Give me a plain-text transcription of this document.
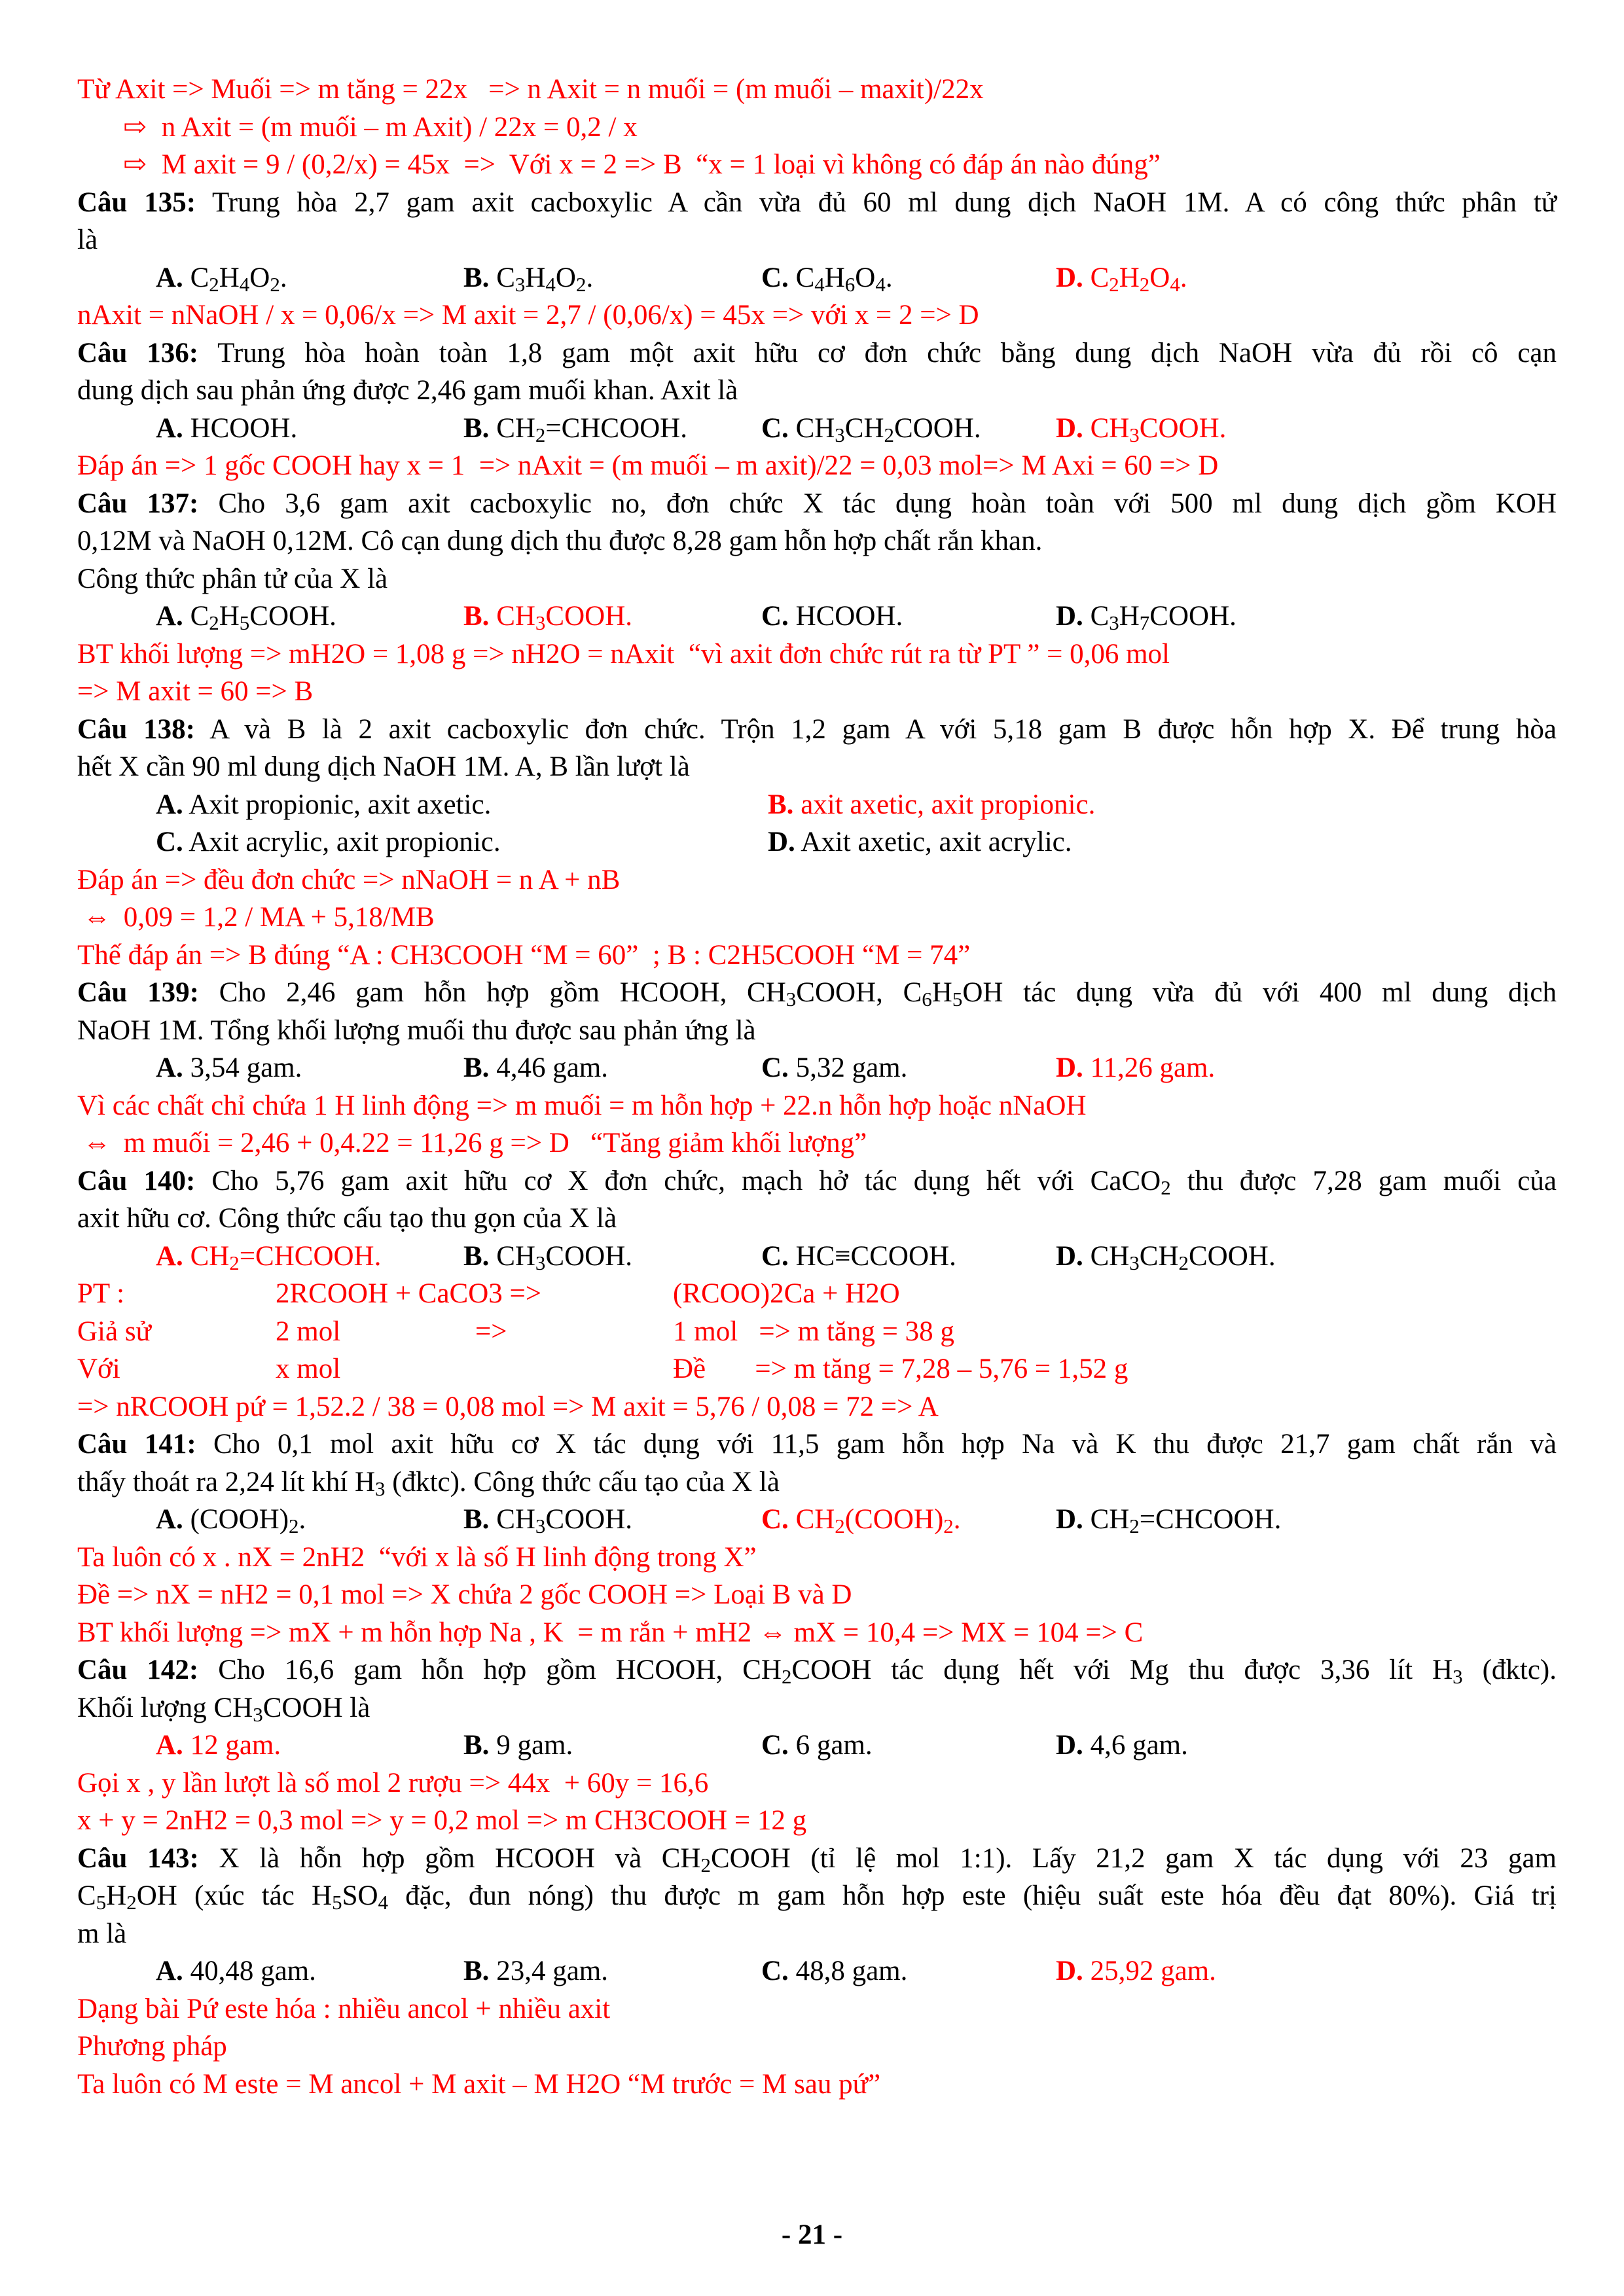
Từ Axit => Muối => m tăng = 22x   => n Axit = n muối = (m muối – maxit)/22x
⇨ n Axit = (m muối – m Axit) / 22x = 0,2 / x
⇨ M axit = 9 / (0,2/x) = 45x  =>  Với x = 2 => B  “x = 1 loại vì không có đáp án nào đúng”
Câu 135: Trung hòa 2,7 gam axit cacboxylic A cần vừa đủ 60 ml dung dịch NaOH 1M. A có công thức phân tử
là
A. $C_2H_4O_2$.	B. $C_3H_4O_2$.	C. $C_4H_6O_4$.	D. $C_2H_2O_4$.
nAxit = nNaOH / x = 0,06/x => M axit = 2,7 / (0,06/x) = 45x => với x = 2 => D
Câu 136: Trung hòa hoàn toàn 1,8 gam một axit hữu cơ đơn chức bằng dung dịch NaOH vừa đủ rồi cô cạn
dung dịch sau phản ứng được 2,46 gam muối khan. Axit là
A. HCOOH.	B. $CH_2=CHCOOH$.	C. $CH_3CH_2COOH$.	D. $CH_3COOH$.
Đáp án => 1 gốc COOH hay x = 1  => nAxit = (m muối – m axit)/22 = 0,03 mol=> M Axi = 60 => D
Câu 137: Cho 3,6 gam axit cacboxylic no, đơn chức X tác dụng hoàn toàn với 500 ml dung dịch gồm KOH
0,12M và NaOH 0,12M. Cô cạn dung dịch thu được 8,28 gam hỗn hợp chất rắn khan.
Công thức phân tử của X là
A. $C_2H_5COOH$.	B. $CH_3COOH$.	C. HCOOH.	D. $C_3H_7COOH$.
BT khối lượng => mH2O = 1,08 g => nH2O = nAxit  “vì axit đơn chức rút ra từ PT ” = 0,06 mol
=> M axit = 60 => B
Câu 138: A và B là 2 axit cacboxylic đơn chức. Trộn 1,2 gam A với 5,18 gam B được hỗn hợp X. Để trung hòa
hết X cần 90 ml dung dịch NaOH 1M. A, B lần lượt là
A. Axit propionic, axit axetic.	B. axit axetic, axit propionic.
C. Axit acrylic, axit propionic.	D. Axit axetic, axit acrylic.
Đáp án => đều đơn chức => nNaOH = n A + nB
⇔ 0,09 = 1,2 / MA + 5,18/MB
Thế đáp án => B đúng “A : CH3COOH “M = 60”  ; B : C2H5COOH “M = 74”
Câu 139: Cho 2,46 gam hỗn hợp gồm HCOOH, $CH_3COOH$, $C_6H_5OH$ tác dụng vừa đủ với 400 ml dung dịch
NaOH 1M. Tổng khối lượng muối thu được sau phản ứng là
A. 3,54 gam.	B. 4,46 gam.	C. 5,32 gam.	D. 11,26 gam.
Vì các chất chỉ chứa 1 H linh động => m muối = m hỗn hợp + 22.n hỗn hợp hoặc nNaOH
⇔ m muối = 2,46 + 0,4.22 = 11,26 g => D   “Tăng giảm khối lượng”
Câu 140: Cho 5,76 gam axit hữu cơ X đơn chức, mạch hở tác dụng hết với CaCO$_2$ thu được 7,28 gam muối của
axit hữu cơ. Công thức cấu tạo thu gọn của X là
A. $CH_2=CHCOOH$.	B. $CH_3COOH$.	C. HC≡CCOOH.	D. $CH_3CH_2COOH$.
PT :	2RCOOH + CaCO3 =>	(RCOO)2Ca + H2O
Giả sử	2 mol	=>	1 mol   => m tăng = 38 g
Với	x mol	Đề       => m tăng = 7,28 – 5,76 = 1,52 g
=> nRCOOH pứ = 1,52.2 / 38 = 0,08 mol => M axit = 5,76 / 0,08 = 72 => A
Câu 141: Cho 0,1 mol axit hữu cơ X tác dụng với 11,5 gam hỗn hợp Na và K thu được 21,7 gam chất rắn và
thấy thoát ra 2,24 lít khí $H_3$ (đktc). Công thức cấu tạo của X là
A. $(COOH)_2$.	B. $CH_3COOH$.	C. $CH_2(COOH)_2$.	D. $CH_2=CHCOOH$.
Ta luôn có x . nX = 2nH2  “với x là số H linh động trong X”
Đề => nX = nH2 = 0,1 mol => X chứa 2 gốc COOH => Loại B và D
BT khối lượng => mX + m hỗn hợp Na , K  = m rắn + mH2 ⇔ mX = 10,4 => MX = 104 => C
Câu 142: Cho 16,6 gam hỗn hợp gồm HCOOH, $CH_2COOH$ tác dụng hết với Mg thu được 3,36 lít $H_3$ (đktc).
Khối lượng $CH_3COOH$ là
A. 12 gam.	B. 9 gam.	C. 6 gam.	D. 4,6 gam.
Gọi x , y lần lượt là số mol 2 rượu => 44x  + 60y = 16,6
x + y = 2nH2 = 0,3 mol => y = 0,2 mol => m CH3COOH = 12 g
Câu 143: X là hỗn hợp gồm HCOOH và $CH_2COOH$ (tỉ lệ mol 1:1). Lấy 21,2 gam X tác dụng với 23 gam
$C_5H_2OH$ (xúc tác $H_5SO_4$ đặc, đun nóng) thu được m gam hỗn hợp este (hiệu suất este hóa đều đạt 80%). Giá trị
m là
A. 40,48 gam.	B. 23,4 gam.	C. 48,8 gam.	D. 25,92 gam.
Dạng bài Pứ este hóa : nhiều ancol + nhiều axit
Phương pháp
Ta luôn có M este = M ancol + M axit – M H2O “M trước = M sau pứ”
- 21 -
